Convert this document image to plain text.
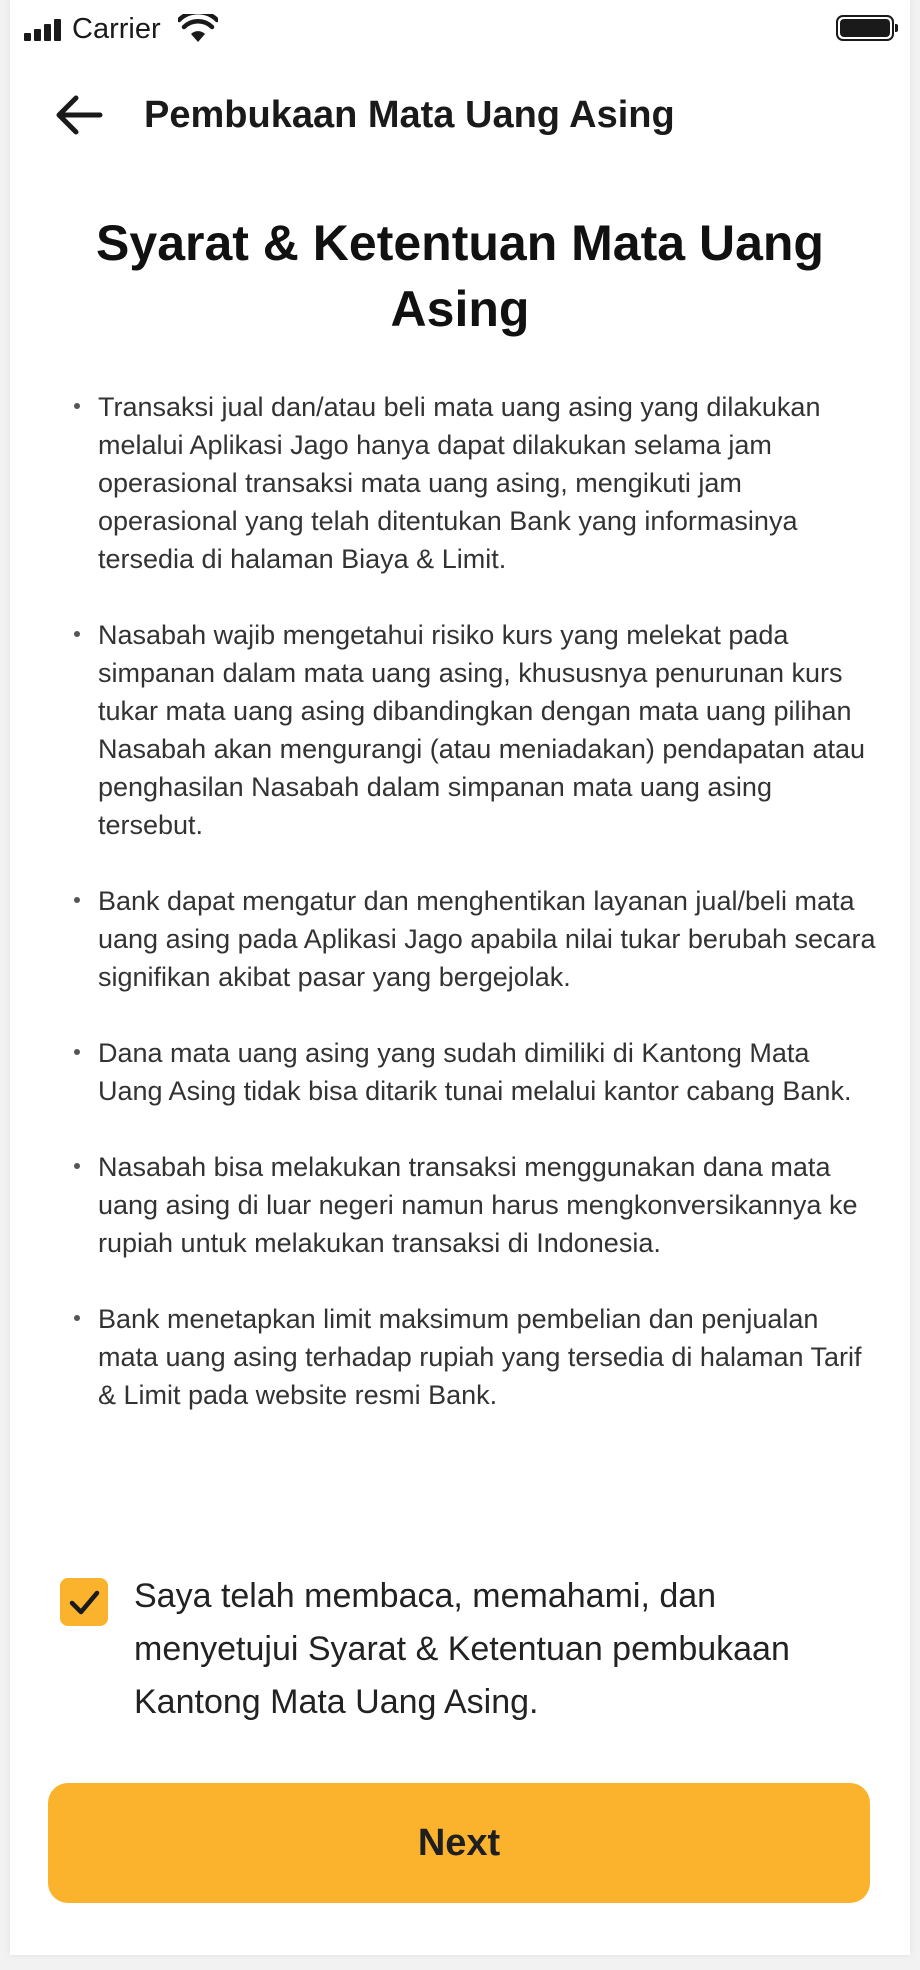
Carrier
Pembukaan Mata Uang Asing
Syarat & Ketentuan Mata Uang Asing
Transaksi jual dan/atau beli mata uang asing yang dilakukan melalui Aplikasi Jago hanya dapat dilakukan selama jam operasional transaksi mata uang asing, mengikuti jam operasional yang telah ditentukan Bank yang informasinya tersedia di halaman Biaya & Limit.
Nasabah wajib mengetahui risiko kurs yang melekat pada simpanan dalam mata uang asing, khususnya penurunan kurs tukar mata uang asing dibandingkan dengan mata uang pilihan Nasabah akan mengurangi (atau meniadakan) pendapatan atau penghasilan Nasabah dalam simpanan mata uang asing tersebut.
Bank dapat mengatur dan menghentikan layanan jual/beli mata uang asing pada Aplikasi Jago apabila nilai tukar berubah secara signifikan akibat pasar yang bergejolak.
Dana mata uang asing yang sudah dimiliki di Kantong Mata Uang Asing tidak bisa ditarik tunai melalui kantor cabang Bank.
Nasabah bisa melakukan transaksi menggunakan dana mata uang asing di luar negeri namun harus mengkonversikannya ke rupiah untuk melakukan transaksi di Indonesia.
Bank menetapkan limit maksimum pembelian dan penjualan mata uang asing terhadap rupiah yang tersedia di halaman Tarif & Limit pada website resmi Bank.
Saya telah membaca, memahami, dan menyetujui Syarat & Ketentuan pembukaan Kantong Mata Uang Asing.
Next
